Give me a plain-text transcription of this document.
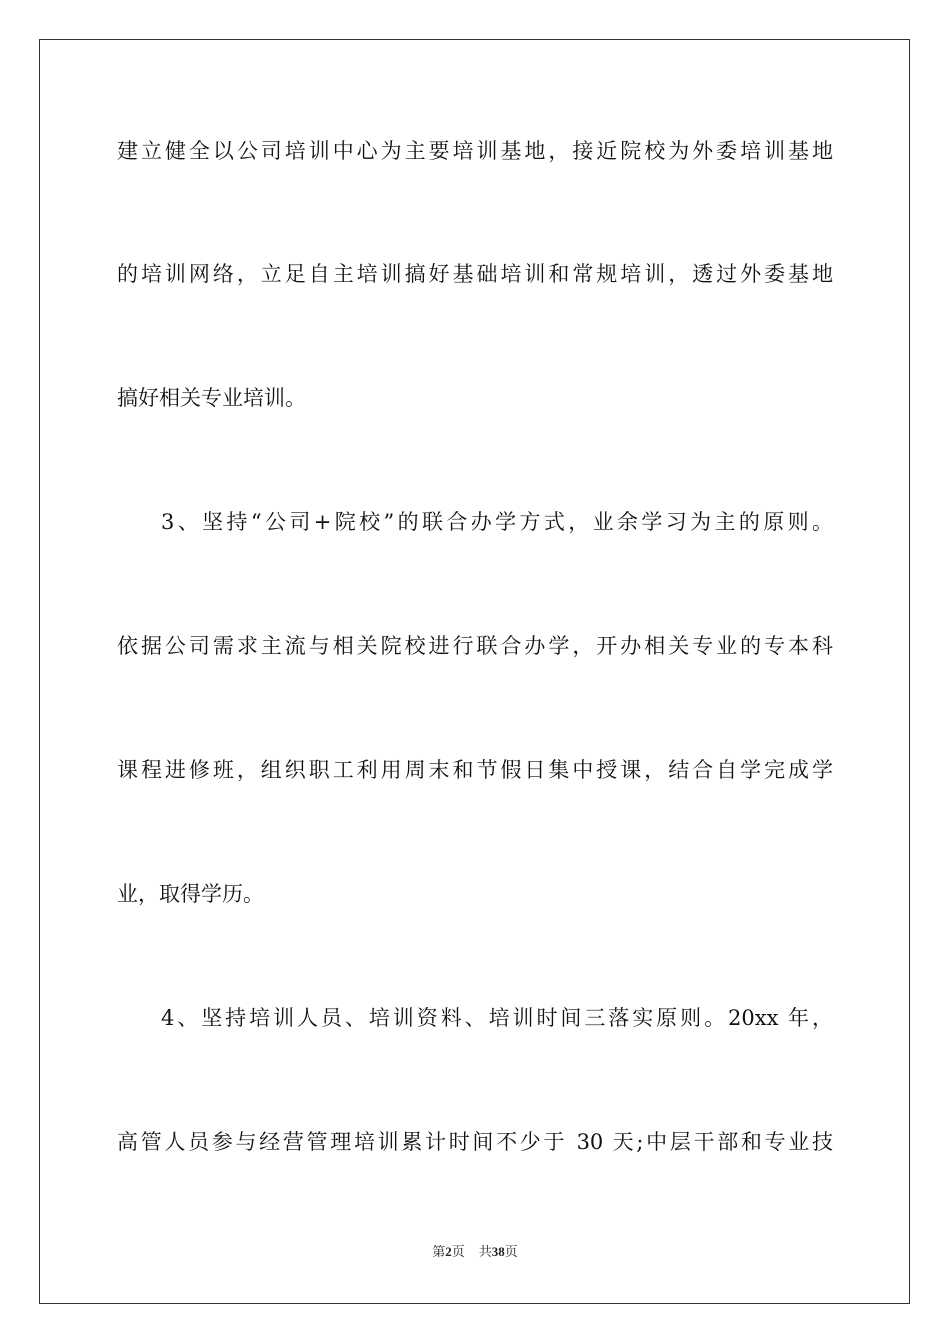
建立健全以公司培训中心为主要培训基地，接近院校为外委培训基地
的培训网络，立足自主培训搞好基础培训和常规培训，透过外委基地
搞好相关专业培训。
3、坚持“公司+院校”的联合办学方式，业余学习为主的原则。
依据公司需求主流与相关院校进行联合办学，开办相关专业的专本科
课程进修班，组织职工利用周末和节假日集中授课，结合自学完成学
业，取得学历。
4、坚持培训人员、培训资料、培训时间三落实原则。20xx 年，
高管人员参与经营管理培训累计时间不少于 30 天;中层干部和专业技
第2页 共38页
